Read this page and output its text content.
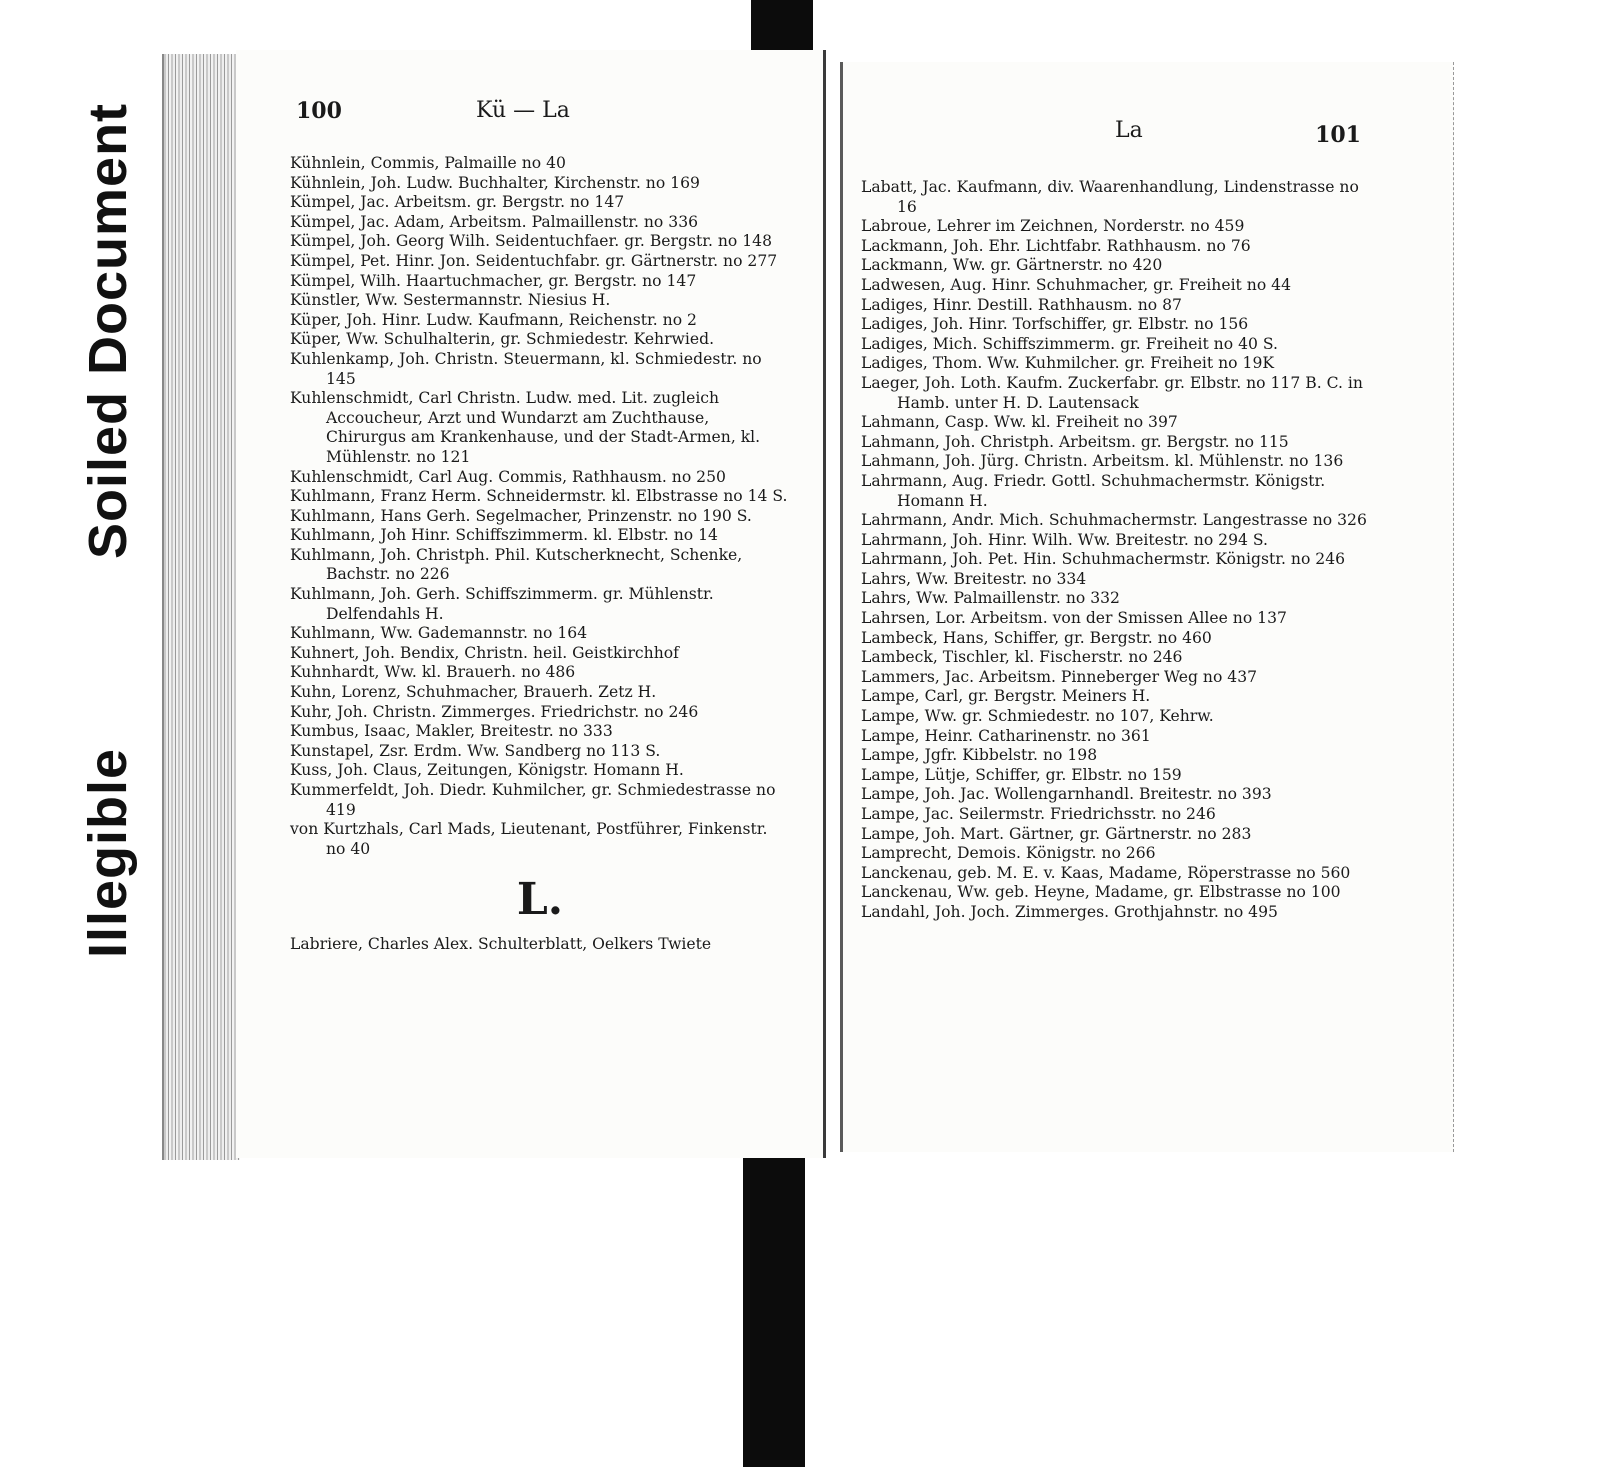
Soiled Document
Illegible
100	Kü — La

Kühnlein, Commis, Palmaille no 40

Kühnlein, Joh. Ludw. Buchhalter, Kirchenstr. no 169

Kümpel, Jac. Arbeitsm. gr. Bergstr. no 147

Kümpel, Jac. Adam, Arbeitsm. Palmaillenstr. no 336

Kümpel, Joh. Georg Wilh. Seidentuchfaer. gr. Bergstr. no 148

Kümpel, Pet. Hinr. Jon. Seidentuchfabr. gr. Gärtnerstr. no 277

Kümpel, Wilh. Haartuchmacher, gr. Bergstr. no 147

Künstler, Ww. Sestermannstr. Niesius H.

Küper, Joh. Hinr. Ludw. Kaufmann, Reichenstr. no 2

Küper, Ww. Schulhalterin, gr. Schmiedestr. Kehrwied.

Kuhlenkamp, Joh. Christn. Steuermann, kl. Schmiedestr. no 145

Kuhlenschmidt, Carl Christn. Ludw. med. Lit. zugleich Accoucheur, Arzt und Wundarzt am Zuchthause, Chirurgus am Krankenhause, und der Stadt-Armen, kl. Mühlenstr. no 121

Kuhlenschmidt, Carl Aug. Commis, Rathhausm. no 250

Kuhlmann, Franz Herm. Schneidermstr. kl. Elbstrasse no 14 S.

Kuhlmann, Hans Gerh. Segelmacher, Prinzenstr. no 190 S.

Kuhlmann, Joh Hinr. Schiffszimmerm. kl. Elbstr. no 14

Kuhlmann, Joh. Christph. Phil. Kutscherknecht, Schenke, Bachstr. no 226

Kuhlmann, Joh. Gerh. Schiffszimmerm. gr. Mühlenstr. Delfendahls H.

Kuhlmann, Ww. Gademannstr. no 164

Kuhnert, Joh. Bendix, Christn. heil. Geistkirchhof

Kuhnhardt, Ww. kl. Brauerh. no 486

Kuhn, Lorenz, Schuhmacher, Brauerh. Zetz H.

Kuhr, Joh. Christn. Zimmerges. Friedrichstr. no 246

Kumbus, Isaac, Makler, Breitestr. no 333

Kunstapel, Zsr. Erdm. Ww. Sandberg no 113 S.

Kuss, Joh. Claus, Zeitungen, Königstr. Homann H.

Kummerfeldt, Joh. Diedr. Kuhmilcher, gr. Schmiedestrasse no 419

von Kurtzhals, Carl Mads, Lieutenant, Postführer, Finkenstr. no 40

L.

Labriere, Charles Alex. Schulterblatt, Oelkers Twiete

La	101

Labatt, Jac. Kaufmann, div. Waarenhandlung, Lindenstrasse no 16

Labroue, Lehrer im Zeichnen, Norderstr. no 459

Lackmann, Joh. Ehr. Lichtfabr. Rathhausm. no 76

Lackmann, Ww. gr. Gärtnerstr. no 420

Ladwesen, Aug. Hinr. Schuhmacher, gr. Freiheit no 44

Ladiges, Hinr. Destill. Rathhausm. no 87

Ladiges, Joh. Hinr. Torfschiffer, gr. Elbstr. no 156

Ladiges, Mich. Schiffszimmerm. gr. Freiheit no 40 S.

Ladiges, Thom. Ww. Kuhmilcher. gr. Freiheit no 19K

Laeger, Joh. Loth. Kaufm. Zuckerfabr. gr. Elbstr. no 117 B. C. in Hamb. unter H. D. Lautensack

Lahmann, Casp. Ww. kl. Freiheit no 397

Lahmann, Joh. Christph. Arbeitsm. gr. Bergstr. no 115

Lahmann, Joh. Jürg. Christn. Arbeitsm. kl. Mühlenstr. no 136

Lahrmann, Aug. Friedr. Gottl. Schuhmachermstr. Königstr. Homann H.

Lahrmann, Andr. Mich. Schuhmachermstr. Langestrasse no 326

Lahrmann, Joh. Hinr. Wilh. Ww. Breitestr. no 294 S.

Lahrmann, Joh. Pet. Hin. Schuhmachermstr. Königstr. no 246

Lahrs, Ww. Breitestr. no 334

Lahrs, Ww. Palmaillenstr. no 332

Lahrsen, Lor. Arbeitsm. von der Smissen Allee no 137

Lambeck, Hans, Schiffer, gr. Bergstr. no 460

Lambeck, Tischler, kl. Fischerstr. no 246

Lammers, Jac. Arbeitsm. Pinneberger Weg no 437

Lampe, Carl, gr. Bergstr. Meiners H.

Lampe, Ww. gr. Schmiedestr. no 107, Kehrw.

Lampe, Heinr. Catharinenstr. no 361

Lampe, Jgfr. Kibbelstr. no 198

Lampe, Lütje, Schiffer, gr. Elbstr. no 159

Lampe, Joh. Jac. Wollengarnhandl. Breitestr. no 393

Lampe, Jac. Seilermstr. Friedrichsstr. no 246

Lampe, Joh. Mart. Gärtner, gr. Gärtnerstr. no 283

Lamprecht, Demois. Königstr. no 266

Lanckenau, geb. M. E. v. Kaas, Madame, Röperstrasse no 560

Lanckenau, Ww. geb. Heyne, Madame, gr. Elbstrasse no 100

Landahl, Joh. Joch. Zimmerges. Grothjahnstr. no 495
